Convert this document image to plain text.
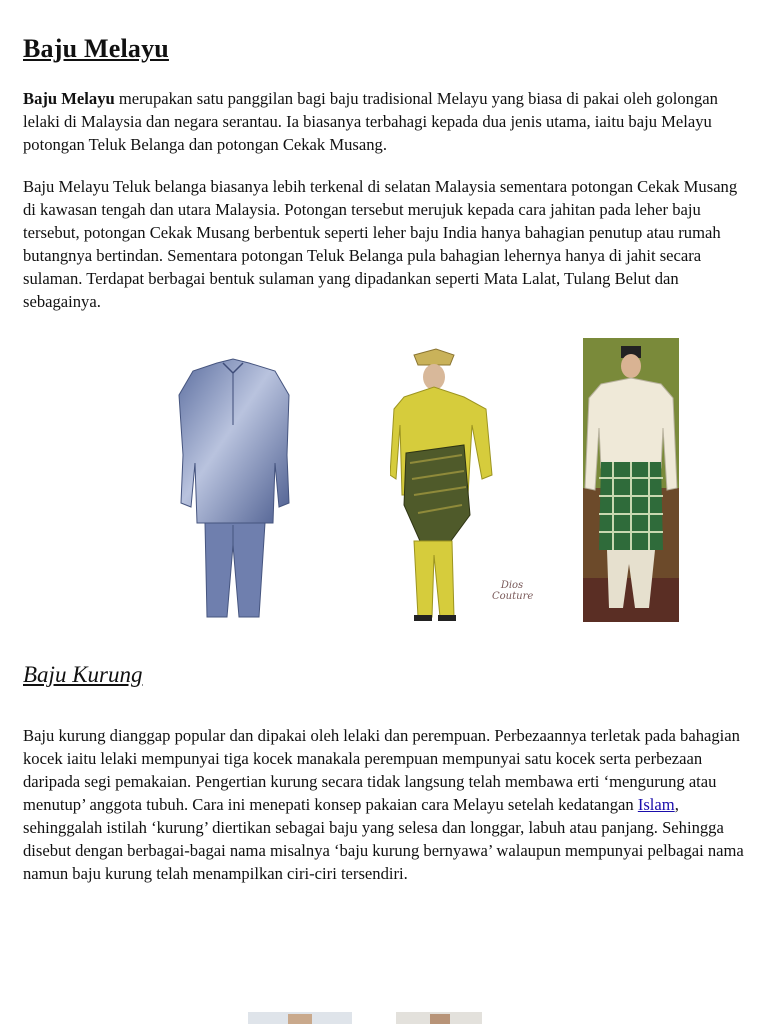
Baju Melayu

Baju Melayu merupakan satu panggilan bagi baju tradisional Melayu yang biasa di pakai oleh golongan lelaki di Malaysia dan negara serantau. Ia biasanya terbahagi kepada dua jenis utama, iaitu baju Melayu potongan Teluk Belanga dan potongan Cekak Musang.

Baju Melayu Teluk belanga biasanya lebih terkenal di selatan Malaysia sementara potongan Cekak Musang di kawasan tengah dan utara Malaysia. Potongan tersebut merujuk kepada cara jahitan pada leher baju tersebut, potongan Cekak Musang berbentuk seperti leher baju India hanya bahagian penutup atau rumah butangnya bertindan. Sementara potongan Teluk Belanga pula bahagian lehernya hanya di jahit secara sulaman. Terdapat berbagai bentuk sulaman yang dipadankan seperti Mata Lalat, Tulang Belut dan sebagainya.

Baju Kurung

Baju kurung dianggap popular dan dipakai oleh lelaki dan perempuan. Perbezaannya terletak pada bahagian kocek iaitu lelaki mempunyai tiga kocek manakala perempuan mempunyai satu kocek serta perbezaan daripada segi pemakaian. Pengertian kurung secara tidak langsung telah membawa erti ‘mengurung atau menutup’ anggota tubuh. Cara ini menepati konsep pakaian cara Melayu setelah kedatangan Islam, sehinggalah istilah ‘kurung’ diertikan sebagai baju yang selesa dan longgar, labuh atau panjang. Sehingga disebut dengan berbagai-bagai nama misalnya ‘baju kurung bernyawa’ walaupun mempunyai pelbagai nama namun baju kurung telah menampilkan ciri-ciri tersendiri.

Dios Couture
